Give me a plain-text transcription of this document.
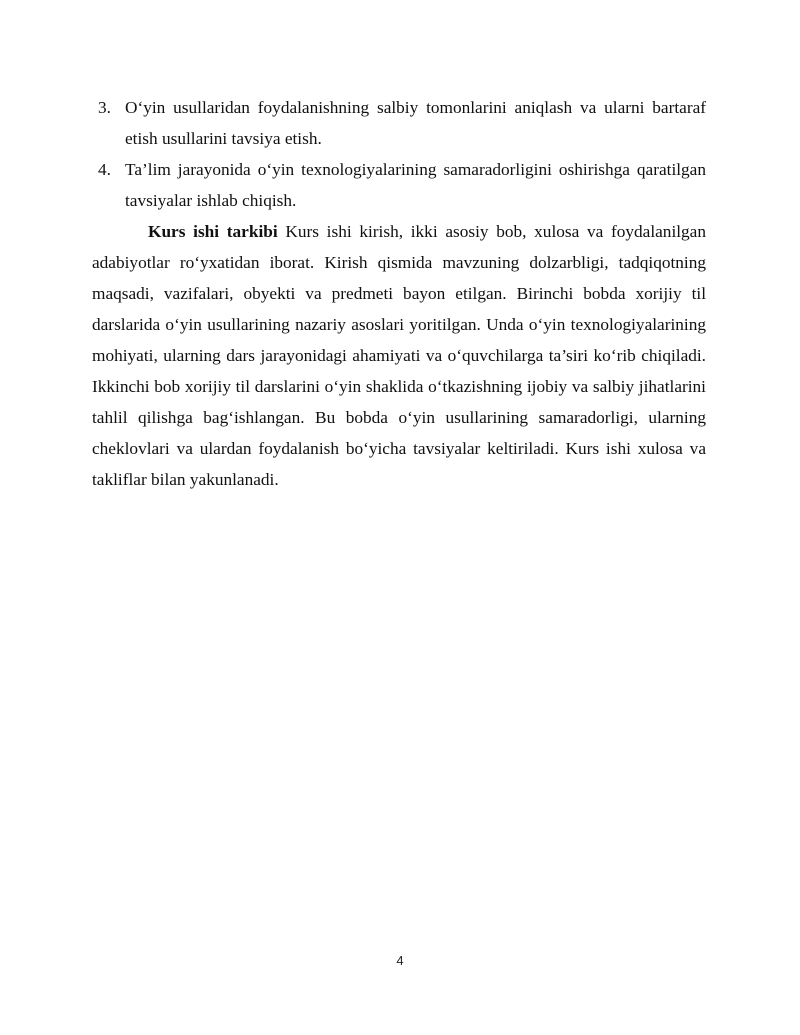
3. O‘yin usullaridan foydalanishning salbiy tomonlarini aniqlash va ularni bartaraf etish usullarini tavsiya etish.
4. Ta’lim jarayonida o‘yin texnologiyalarining samaradorligini oshirishga qaratilgan tavsiyalar ishlab chiqish.

Kurs ishi tarkibi Kurs ishi kirish, ikki asosiy bob, xulosa va foydalanilgan adabiyotlar ro‘yxatidan iborat. Kirish qismida mavzuning dolzarbligi, tadqiqotning maqsadi, vazifalari, obyekti va predmeti bayon etilgan. Birinchi bobda xorijiy til darslarida o‘yin usullarining nazariy asoslari yoritilgan. Unda o‘yin texnologiyalarining mohiyati, ularning dars jarayonidagi ahamiyati va o‘quvchilarga ta’siri ko‘rib chiqiladi. Ikkinchi bob xorijiy til darslarini o‘yin shaklida o‘tkazishning ijobiy va salbiy jihatlarini tahlil qilishga bag‘ishlangan. Bu bobda o‘yin usullarining samaradorligi, ularning cheklovlari va ulardan foydalanish bo‘yicha tavsiyalar keltiriladi. Kurs ishi xulosa va takliflar bilan yakunlanadi.

4
